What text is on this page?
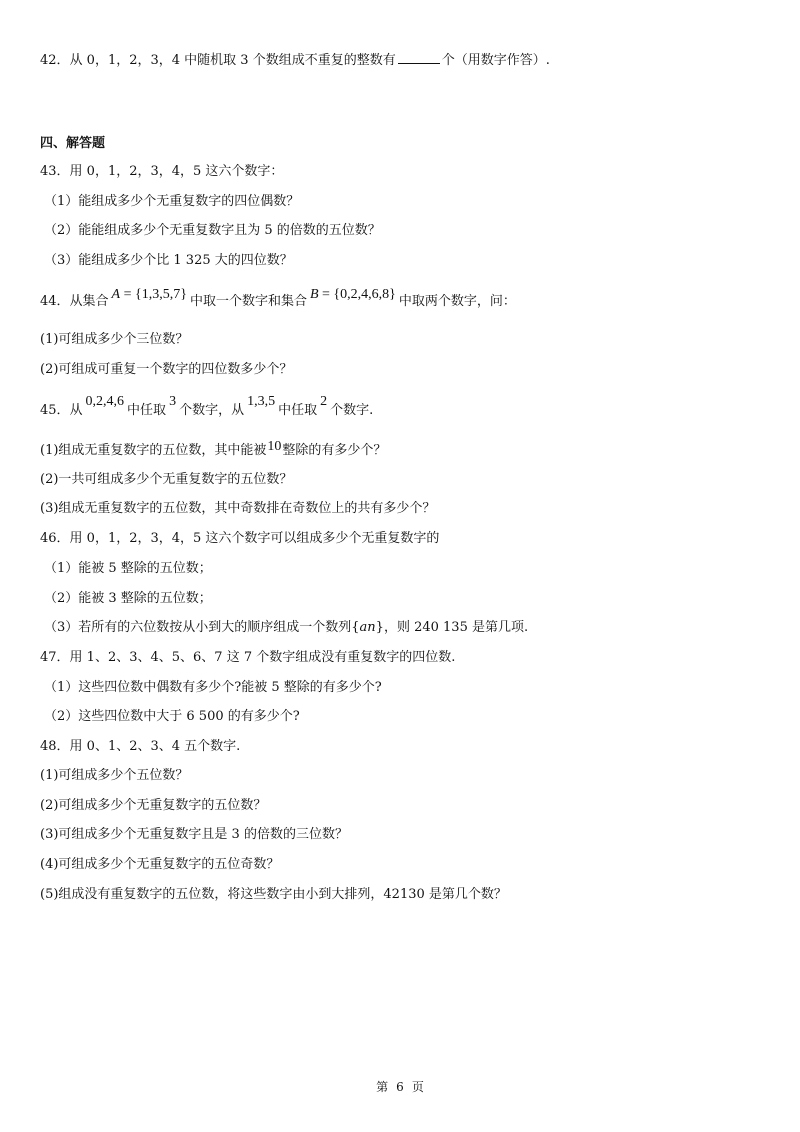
42．从 0，1，2，3，4 中随机取 3 个数组成不重复的整数有	个（用数字作答）.
四、解答题
43．用 0，1，2，3，4，5 这六个数字：
（1）能组成多少个无重复数字的四位偶数？
（2）能能组成多少个无重复数字且为 5 的倍数的五位数？
（3）能组成多少个比 1 325 大的四位数？
44．从集合 A = {1,3,5,7} 中取一个数字和集合 B = {0,2,4,6,8} 中取两个数字，问：
(1)可组成多少个三位数？
(2)可组成可重复一个数字的四位数多少个？
45．从0,2,4,6中任取3个数字，从1,3,5中任取2个数字.
(1)组成无重复数字的五位数，其中能被10整除的有多少个？
(2)一共可组成多少个无重复数字的五位数？
(3)组成无重复数字的五位数，其中奇数排在奇数位上的共有多少个？
46．用 0，1，2，3，4，5 这六个数字可以组成多少个无重复数字的
（1）能被 5 整除的五位数；
（2）能被 3 整除的五位数；
（3）若所有的六位数按从小到大的顺序组成一个数列{an}，则 240 135 是第几项.
47．用 1、2、3、4、5、6、7 这 7 个数字组成没有重复数字的四位数.
（1）这些四位数中偶数有多少个?能被 5 整除的有多少个?
（2）这些四位数中大于 6 500 的有多少个?
48．用 0、1、2、3、4 五个数字.
(1)可组成多少个五位数？
(2)可组成多少个无重复数字的五位数？
(3)可组成多少个无重复数字且是 3 的倍数的三位数？
(4)可组成多少个无重复数字的五位奇数？
(5)组成没有重复数字的五位数，将这些数字由小到大排列，42130 是第几个数？
第 6 页
